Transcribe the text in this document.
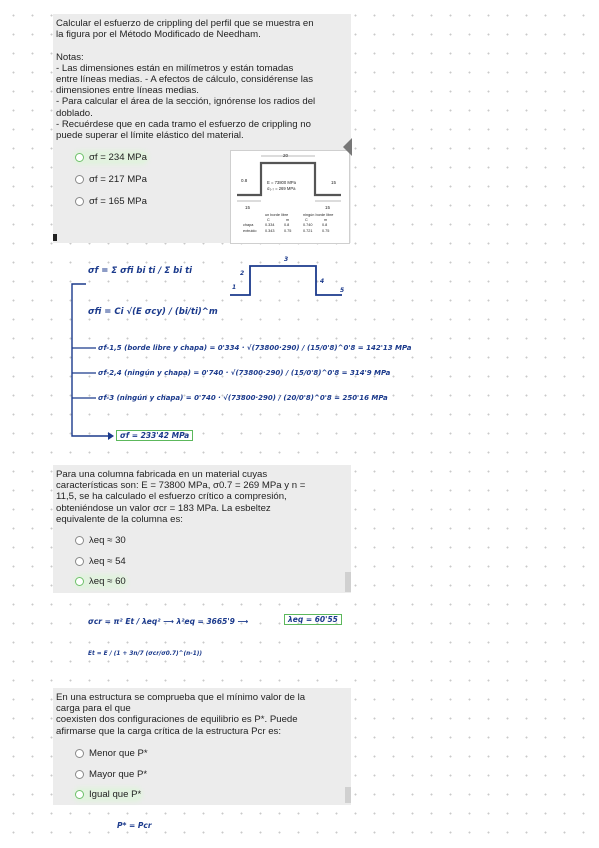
Calcular el esfuerzo de crippling del perfil que se muestra en
la figura por el Método Modificado de Needham.

Notas:
- Las dimensiones están en milímetros y están tomadas
entre líneas medias. - A efectos de cálculo, considérense las
dimensiones entre líneas medias.
- Para calcular el área de la sección, ignórense los radios del
doblado.
- Recuérdese que en cada tramo el esfuerzo de crippling no
puede superar el límite elástico del material.

σf = 234 MPa
σf = 217 MPa
σf = 165 MPa
20
0.8	15
15	15
E = 73800 MPa
σ₀.₇ = 269 MPa
un borde libre	ningún borde libre
C	m	C	m
chapa	0.334	0.8	0.740	0.8
extruido	0.343	0.75	0.721	0.75
σf = Σ σfi bi ti / Σ bi ti
σfi = Ci √(E σcy) / (bi/ti)^m
1
2
3
4
5
σf-1,5 (borde libre y chapa) = 0'334 · √(73800·290) / (15/0'8)^0'8 = 142'13 MPa
σf-2,4 (ningún y chapa) = 0'740 · √(73800·290) / (15/0'8)^0'8 = 314'9 MPa
σf-3 (ningún y chapa) = 0'740 · √(73800·290) / (20/0'8)^0'8 = 250'16 MPa
σf = 233'42 MPa

Para una columna fabricada en un material cuyas
características son: E = 73800 MPa, σ0.7 = 269 MPa y n =
11,5, se ha calculado el esfuerzo crítico a compresión,
obteniéndose un valor σcr = 183 MPa. La esbeltez
equivalente de la columna es:

λeq ≈ 30
λeq ≈ 54
λeq ≈ 60
σcr = π² Et / λeq² ⟶ λ²eq = 3665'9 ⟶	λeq = 60'55
Et = E / (1 + 3n/7 (σcr/σ0.7)^(n-1))

En una estructura se comprueba que el mínimo valor de la
carga para el que
coexisten dos configuraciones de equilibrio es P*. Puede
afirmarse que la carga crítica de la estructura Pcr es:

Menor que P*
Mayor que P*
Igual que P*
P* = Pcr
